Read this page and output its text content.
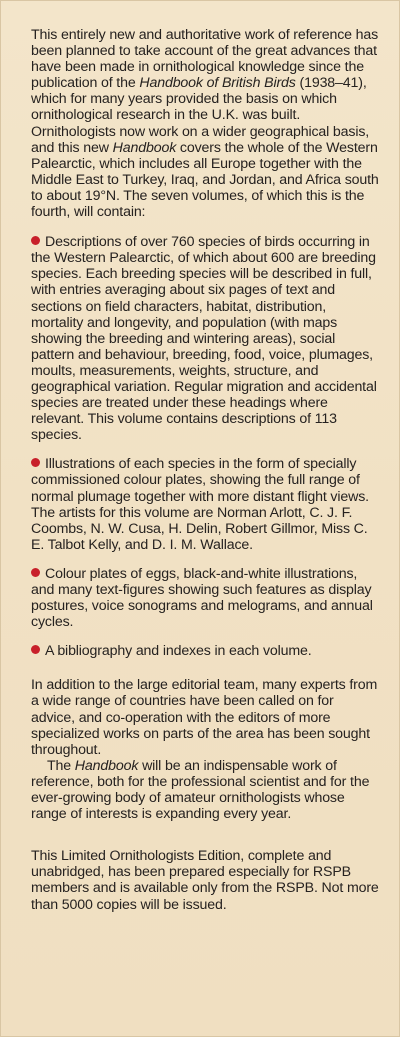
This entirely new and authoritative work of reference has been planned to take account of the great advances that have been made in ornithological knowledge since the publication of the Handbook of British Birds (1938–41), which for many years provided the basis on which ornithological research in the U.K. was built. Ornithologists now work on a wider geographical basis, and this new Handbook covers the whole of the Western Palearctic, which includes all Europe together with the Middle East to Turkey, Iraq, and Jordan, and Africa south to about 19°N. The seven volumes, of which this is the fourth, will contain:

Descriptions of over 760 species of birds occurring in the Western Palearctic, of which about 600 are breeding species. Each breeding species will be described in full, with entries averaging about six pages of text and sections on field characters, habitat, distribution, mortality and longevity, and population (with maps showing the breeding and wintering areas), social pattern and behaviour, breeding, food, voice, plumages, moults, measurements, weights, structure, and geographical variation. Regular migration and accidental species are treated under these headings where relevant. This volume contains descriptions of 113 species.

Illustrations of each species in the form of specially commissioned colour plates, showing the full range of normal plumage together with more distant flight views. The artists for this volume are Norman Arlott, C. J. F. Coombs, N. W. Cusa, H. Delin, Robert Gillmor, Miss C. E. Talbot Kelly, and D. I. M. Wallace.

Colour plates of eggs, black-and-white illustrations, and many text-figures showing such features as display postures, voice sonograms and melograms, and annual cycles.

A bibliography and indexes in each volume.

In addition to the large editorial team, many experts from a wide range of countries have been called on for advice, and co-operation with the editors of more specialized works on parts of the area has been sought throughout.

The Handbook will be an indispensable work of reference, both for the professional scientist and for the ever-growing body of amateur ornithologists whose range of interests is expanding every year.

This Limited Ornithologists Edition, complete and unabridged, has been prepared especially for RSPB members and is available only from the RSPB. Not more than 5000 copies will be issued.
